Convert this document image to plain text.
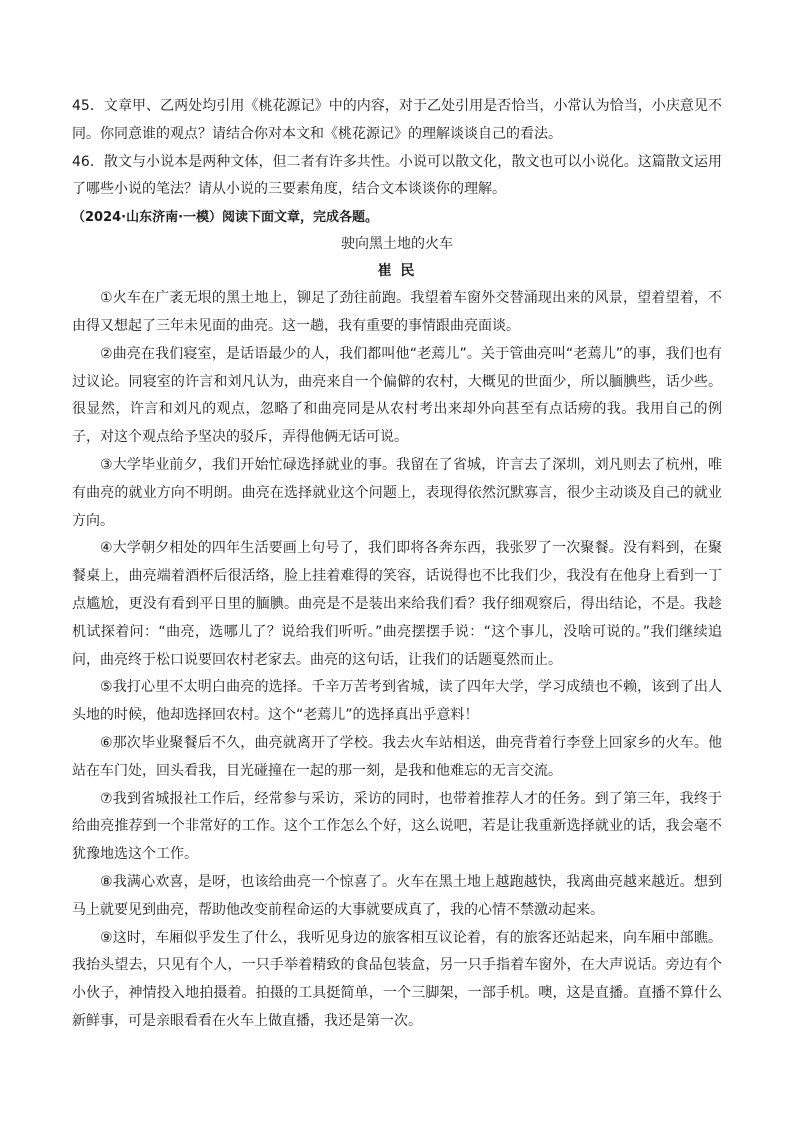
45．文章甲、乙两处均引用《桃花源记》中的内容，对于乙处引用是否恰当，小常认为恰当，小庆意见不同。你同意谁的观点？请结合你对本文和《桃花源记》的理解谈谈自己的看法。

46．散文与小说本是两种文体，但二者有许多共性。小说可以散文化，散文也可以小说化。这篇散文运用了哪些小说的笔法？请从小说的三要素角度，结合文本谈谈你的理解。

（2024·山东济南·一模）阅读下面文章，完成各题。

驶向黑土地的火车

崔 民

①火车在广袤无垠的黑土地上，铆足了劲往前跑。我望着车窗外交替涌现出来的风景，望着望着，不由得又想起了三年未见面的曲亮。这一趟，我有重要的事情跟曲亮面谈。

②曲亮在我们寝室，是话语最少的人，我们都叫他“老蔫儿”。关于管曲亮叫“老蔫儿”的事，我们也有过议论。同寝室的许言和刘凡认为，曲亮来自一个偏僻的农村，大概见的世面少，所以腼腆些，话少些。很显然，许言和刘凡的观点，忽略了和曲亮同是从农村考出来却外向甚至有点话痨的我。我用自己的例子，对这个观点给予坚决的驳斥，弄得他俩无话可说。

③大学毕业前夕，我们开始忙碌选择就业的事。我留在了省城，许言去了深圳，刘凡则去了杭州，唯有曲亮的就业方向不明朗。曲亮在选择就业这个问题上，表现得依然沉默寡言，很少主动谈及自己的就业方向。

④大学朝夕相处的四年生活要画上句号了，我们即将各奔东西，我张罗了一次聚餐。没有料到，在聚餐桌上，曲亮端着酒杯后很活络，脸上挂着难得的笑容，话说得也不比我们少，我没有在他身上看到一丁点尴尬，更没有看到平日里的腼腆。曲亮是不是装出来给我们看？我仔细观察后，得出结论，不是。我趁机试探着问：“曲亮，选哪儿了？说给我们听听。”曲亮摆摆手说：“这个事儿，没啥可说的。”我们继续追问，曲亮终于松口说要回农村老家去。曲亮的这句话，让我们的话题戛然而止。

⑤我打心里不太明白曲亮的选择。千辛万苦考到省城，读了四年大学，学习成绩也不赖，该到了出人头地的时候，他却选择回农村。这个“老蔫儿”的选择真出乎意料！

⑥那次毕业聚餐后不久，曲亮就离开了学校。我去火车站相送，曲亮背着行李登上回家乡的火车。他站在车门处，回头看我，目光碰撞在一起的那一刻，是我和他难忘的无言交流。

⑦我到省城报社工作后，经常参与采访，采访的同时，也带着推荐人才的任务。到了第三年，我终于给曲亮推荐到一个非常好的工作。这个工作怎么个好，这么说吧，若是让我重新选择就业的话，我会毫不犹豫地选这个工作。

⑧我满心欢喜，是呀，也该给曲亮一个惊喜了。火车在黑土地上越跑越快，我离曲亮越来越近。想到马上就要见到曲亮，帮助他改变前程命运的大事就要成真了，我的心情不禁激动起来。

⑨这时，车厢似乎发生了什么，我听见身边的旅客相互议论着，有的旅客还站起来，向车厢中部瞧。我抬头望去，只见有个人，一只手举着精致的食品包装盒，另一只手指着车窗外，在大声说话。旁边有个小伙子，神情投入地拍摄着。拍摄的工具挺简单，一个三脚架，一部手机。噢，这是直播。直播不算什么新鲜事，可是亲眼看看在火车上做直播，我还是第一次。
